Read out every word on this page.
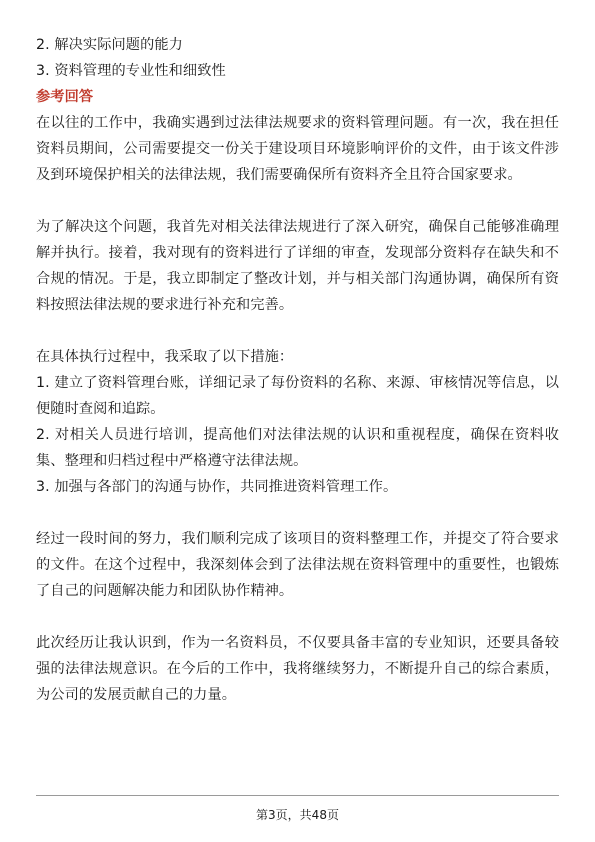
2. 解决实际问题的能力

3. 资料管理的专业性和细致性

参考回答

在以往的工作中，我确实遇到过法律法规要求的资料管理问题。有一次，我在担任资料员期间，公司需要提交一份关于建设项目环境影响评价的文件，由于该文件涉及到环境保护相关的法律法规，我们需要确保所有资料齐全且符合国家要求。

为了解决这个问题，我首先对相关法律法规进行了深入研究，确保自己能够准确理解并执行。接着，我对现有的资料进行了详细的审查，发现部分资料存在缺失和不合规的情况。于是，我立即制定了整改计划，并与相关部门沟通协调，确保所有资料按照法律法规的要求进行补充和完善。

在具体执行过程中，我采取了以下措施：

1. 建立了资料管理台账，详细记录了每份资料的名称、来源、审核情况等信息，以便随时查阅和追踪。

2. 对相关人员进行培训，提高他们对法律法规的认识和重视程度，确保在资料收集、整理和归档过程中严格遵守法律法规。

3. 加强与各部门的沟通与协作，共同推进资料管理工作。

经过一段时间的努力，我们顺利完成了该项目的资料整理工作，并提交了符合要求的文件。在这个过程中，我深刻体会到了法律法规在资料管理中的重要性，也锻炼了自己的问题解决能力和团队协作精神。

此次经历让我认识到，作为一名资料员，不仅要具备丰富的专业知识，还要具备较强的法律法规意识。在今后的工作中，我将继续努力，不断提升自己的综合素质，为公司的发展贡献自己的力量。

第3页，共48页
